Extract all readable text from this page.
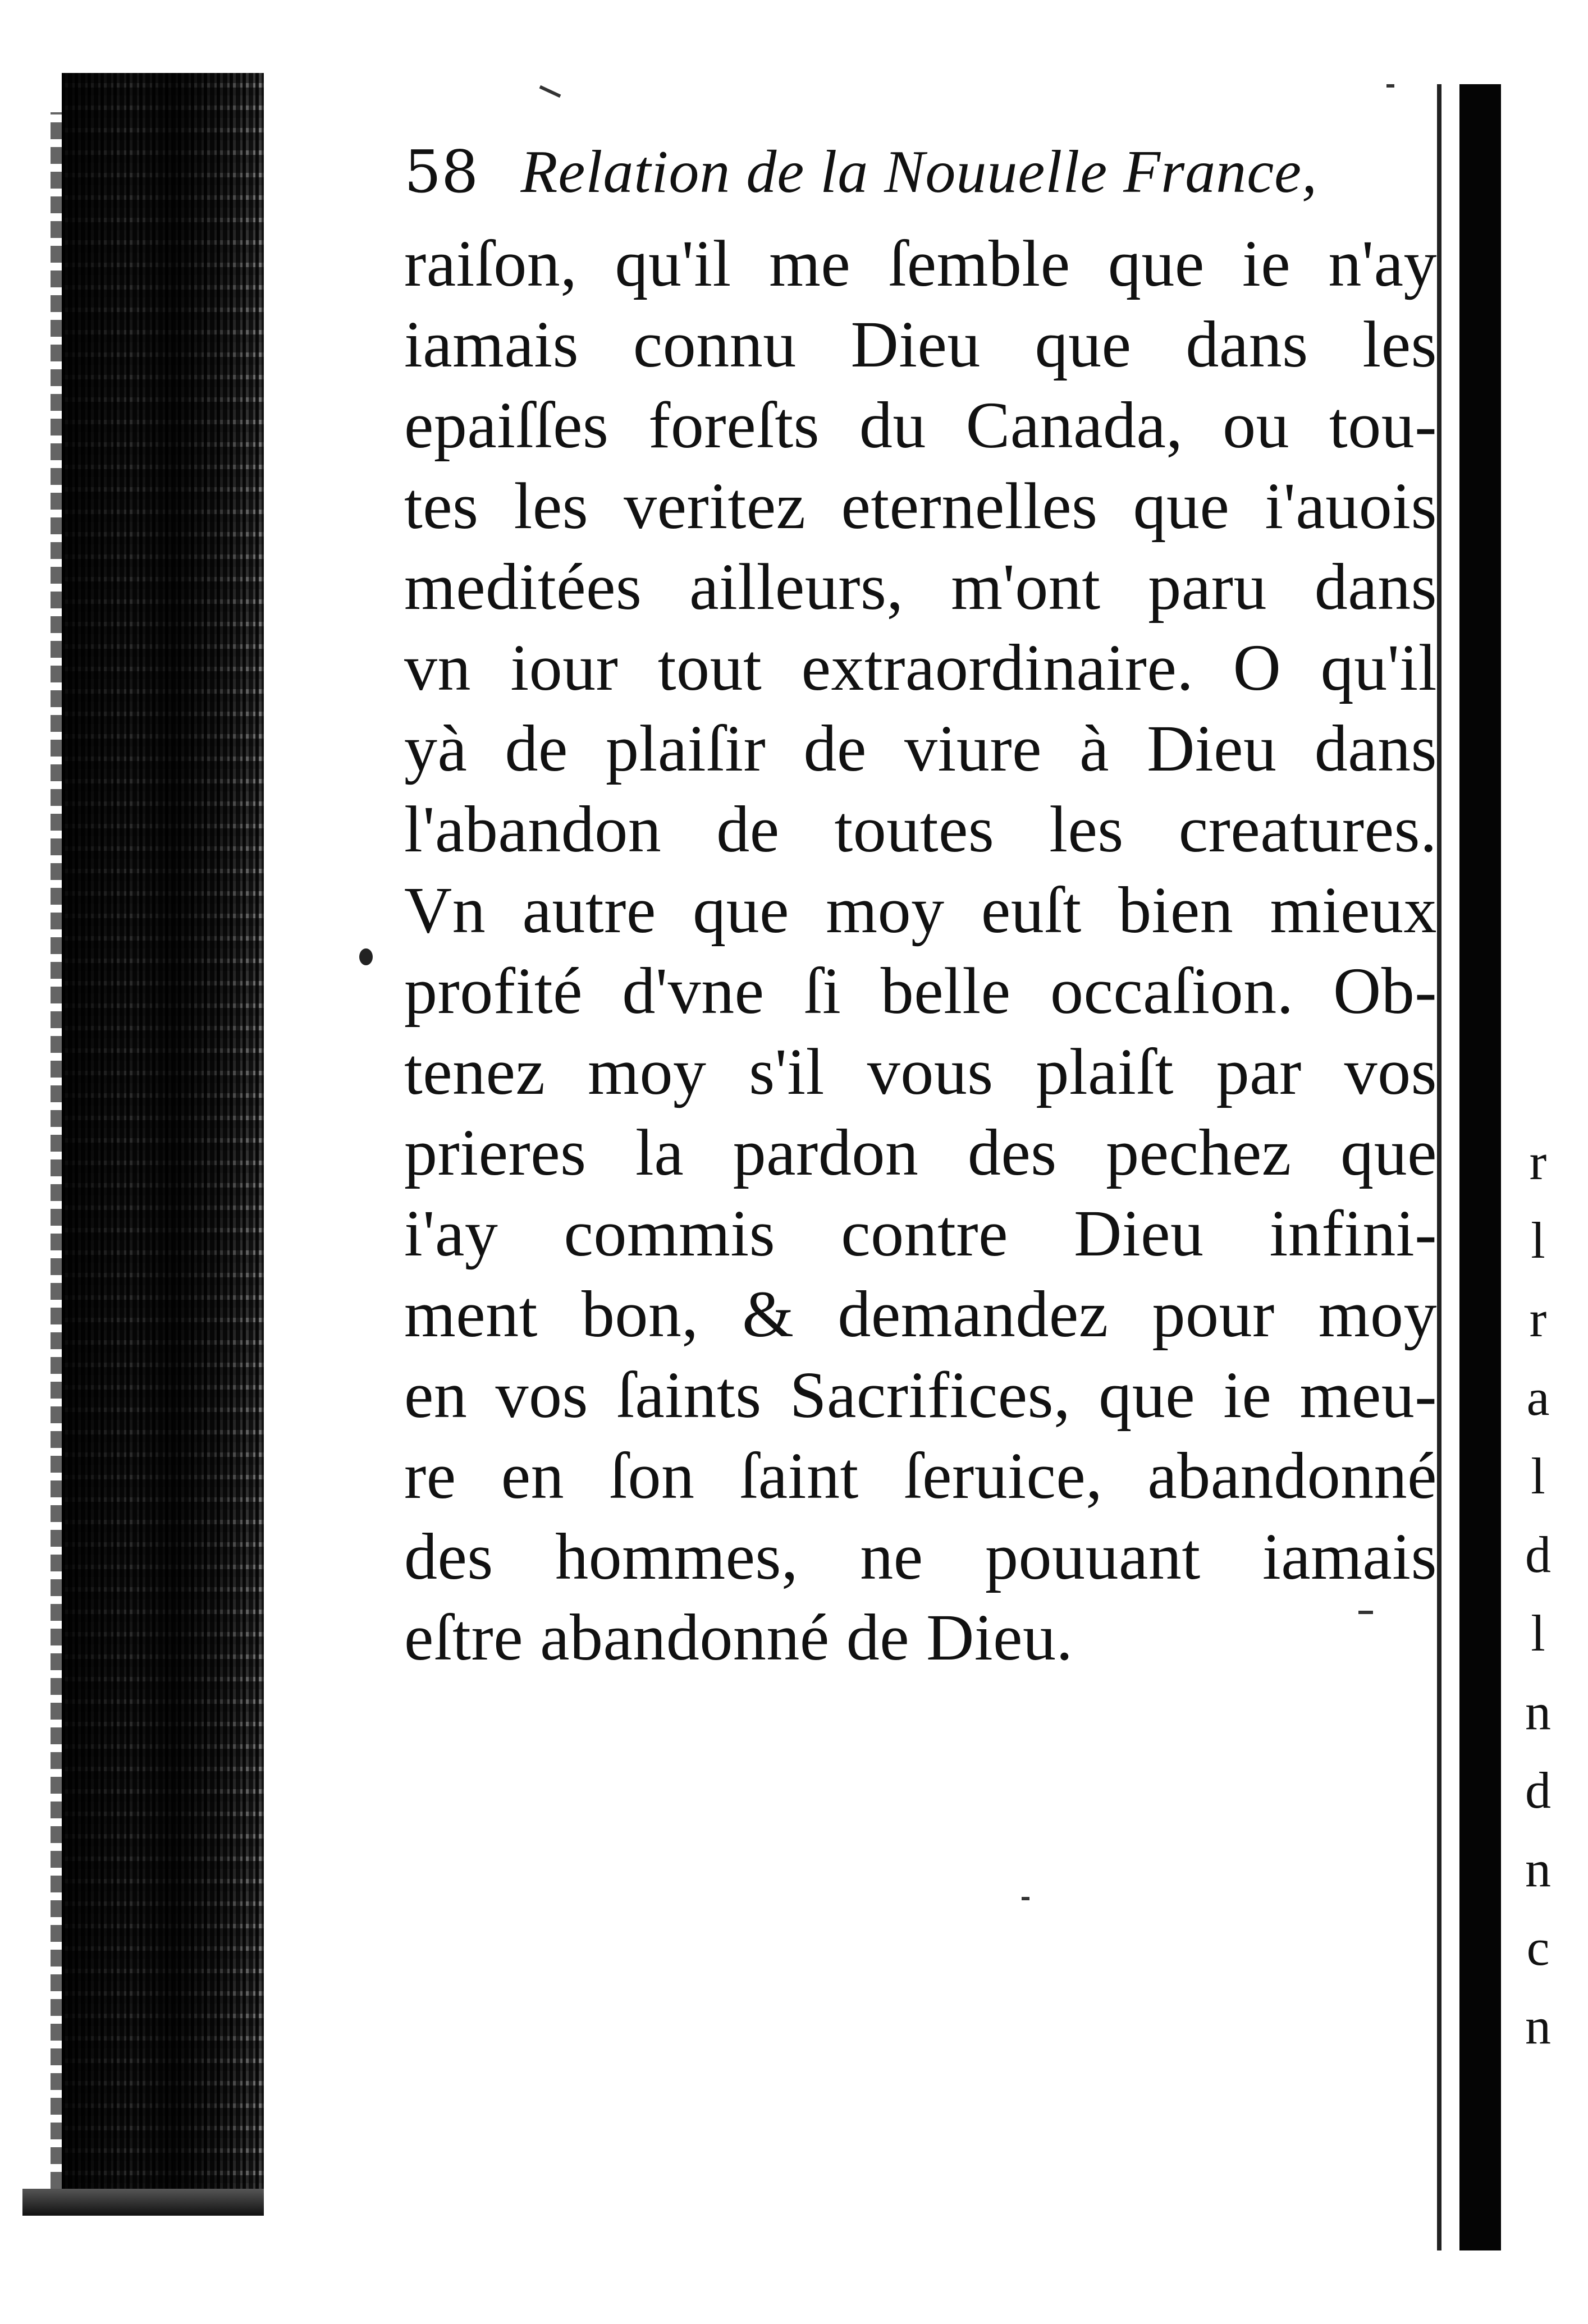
58 Relation de la Nouuelle France,
raiſon, qu'il me ſemble que ie n'ay
iamais connu Dieu que dans les
epaiſſes foreſts du Canada, ou tou-
tes les veritez eternelles que i'auois
meditées ailleurs, m'ont paru dans
vn iour tout extraordinaire. O qu'il
yà de plaiſir de viure à Dieu dans
l'abandon de toutes les creatures.
Vn autre que moy euſt bien mieux
profité d'vne ſi belle occaſion. Ob-
tenez moy s'il vous plaiſt par vos
prieres la pardon des pechez que
i'ay commis contre Dieu infini-
ment bon, & demandez pour moy
en vos ſaints Sacrifices, que ie meu-
re en ſon ſaint ſeruice, abandonné
des hommes, ne pouuant iamais
eſtre abandonné de Dieu.
r
l
r
a
l
d
l
n
d
n
c
n
